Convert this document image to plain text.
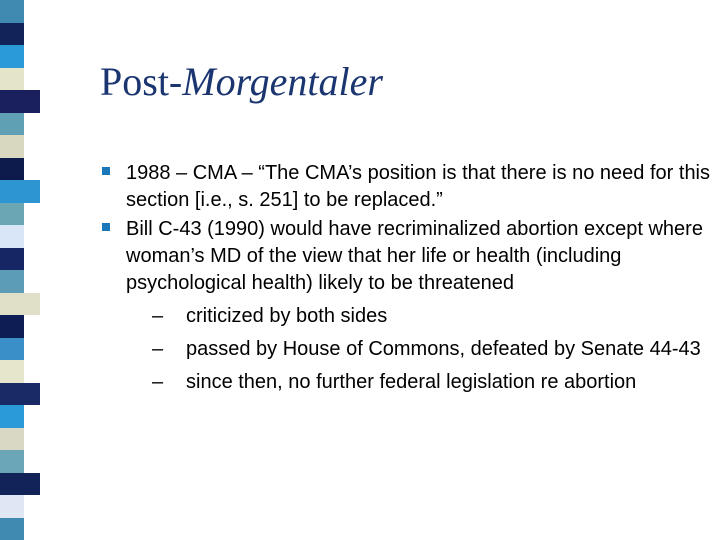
Post-Morgentaler
1988 – CMA – “The CMA’s position is that there is no need for this section [i.e., s. 251] to be replaced.”
Bill C-43 (1990) would have recriminalized abortion except where woman’s MD of the view that her life or health (including psychological health) likely to be threatened
– criticized by both sides
– passed by House of Commons, defeated by Senate 44-43
– since then, no further federal legislation re abortion
